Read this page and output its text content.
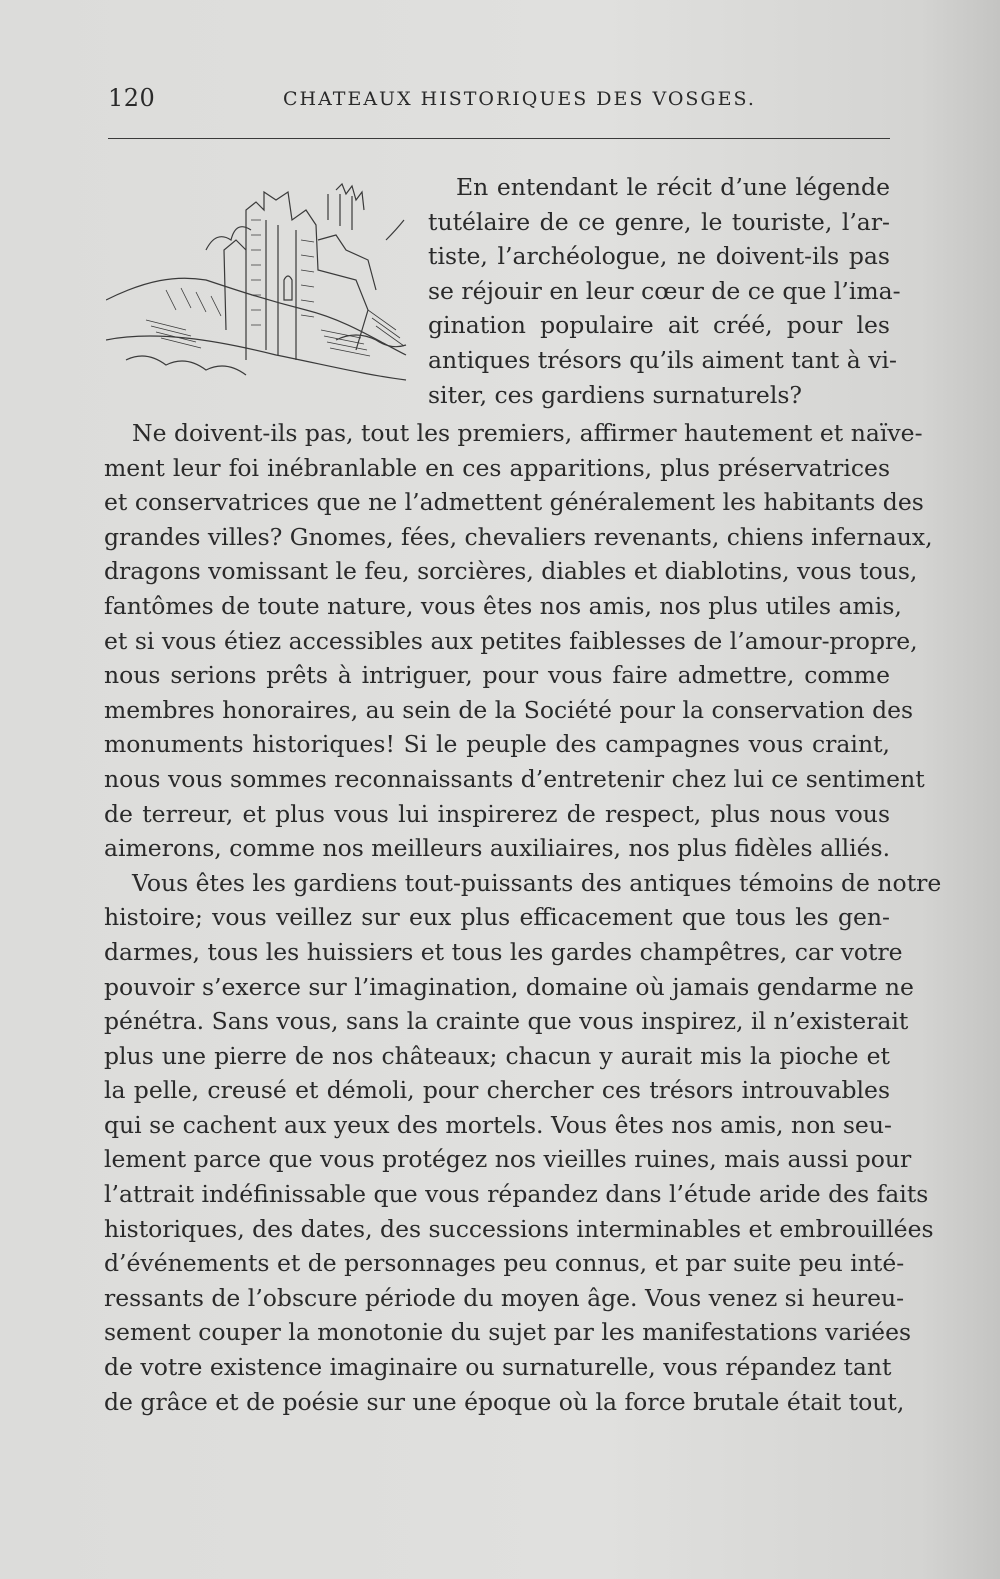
120	CHATEAUX HISTORIQUES DES VOSGES.
En entendant le récit d’une légende
tutélaire de ce genre, le touriste, l’ar-
tiste, l’archéologue, ne doivent-ils pas
se réjouir en leur cœur de ce que l’ima-
gination populaire ait créé, pour les
antiques trésors qu’ils aiment tant à vi-
siter, ces gardiens surnaturels?
Ne doivent-ils pas, tout les premiers, affirmer hautement et naïve-
ment leur foi inébranlable en ces apparitions, plus préservatrices
et conservatrices que ne l’admettent généralement les habitants des
grandes villes? Gnomes, fées, chevaliers revenants, chiens infernaux,
dragons vomissant le feu, sorcières, diables et diablotins, vous tous,
fantômes de toute nature, vous êtes nos amis, nos plus utiles amis,
et si vous étiez accessibles aux petites faiblesses de l’amour-propre,
nous serions prêts à intriguer, pour vous faire admettre, comme
membres honoraires, au sein de la Société pour la conservation des
monuments historiques! Si le peuple des campagnes vous craint,
nous vous sommes reconnaissants d’entretenir chez lui ce sentiment
de terreur, et plus vous lui inspirerez de respect, plus nous vous
aimerons, comme nos meilleurs auxiliaires, nos plus fidèles alliés.
Vous êtes les gardiens tout-puissants des antiques témoins de notre
histoire; vous veillez sur eux plus efficacement que tous les gen-
darmes, tous les huissiers et tous les gardes champêtres, car votre
pouvoir s’exerce sur l’imagination, domaine où jamais gendarme ne
pénétra. Sans vous, sans la crainte que vous inspirez, il n’existerait
plus une pierre de nos châteaux; chacun y aurait mis la pioche et
la pelle, creusé et démoli, pour chercher ces trésors introuvables
qui se cachent aux yeux des mortels. Vous êtes nos amis, non seu-
lement parce que vous protégez nos vieilles ruines, mais aussi pour
l’attrait indéfinissable que vous répandez dans l’étude aride des faits
historiques, des dates, des successions interminables et embrouillées
d’événements et de personnages peu connus, et par suite peu inté-
ressants de l’obscure période du moyen âge. Vous venez si heureu-
sement couper la monotonie du sujet par les manifestations variées
de votre existence imaginaire ou surnaturelle, vous répandez tant
de grâce et de poésie sur une époque où la force brutale était tout,
